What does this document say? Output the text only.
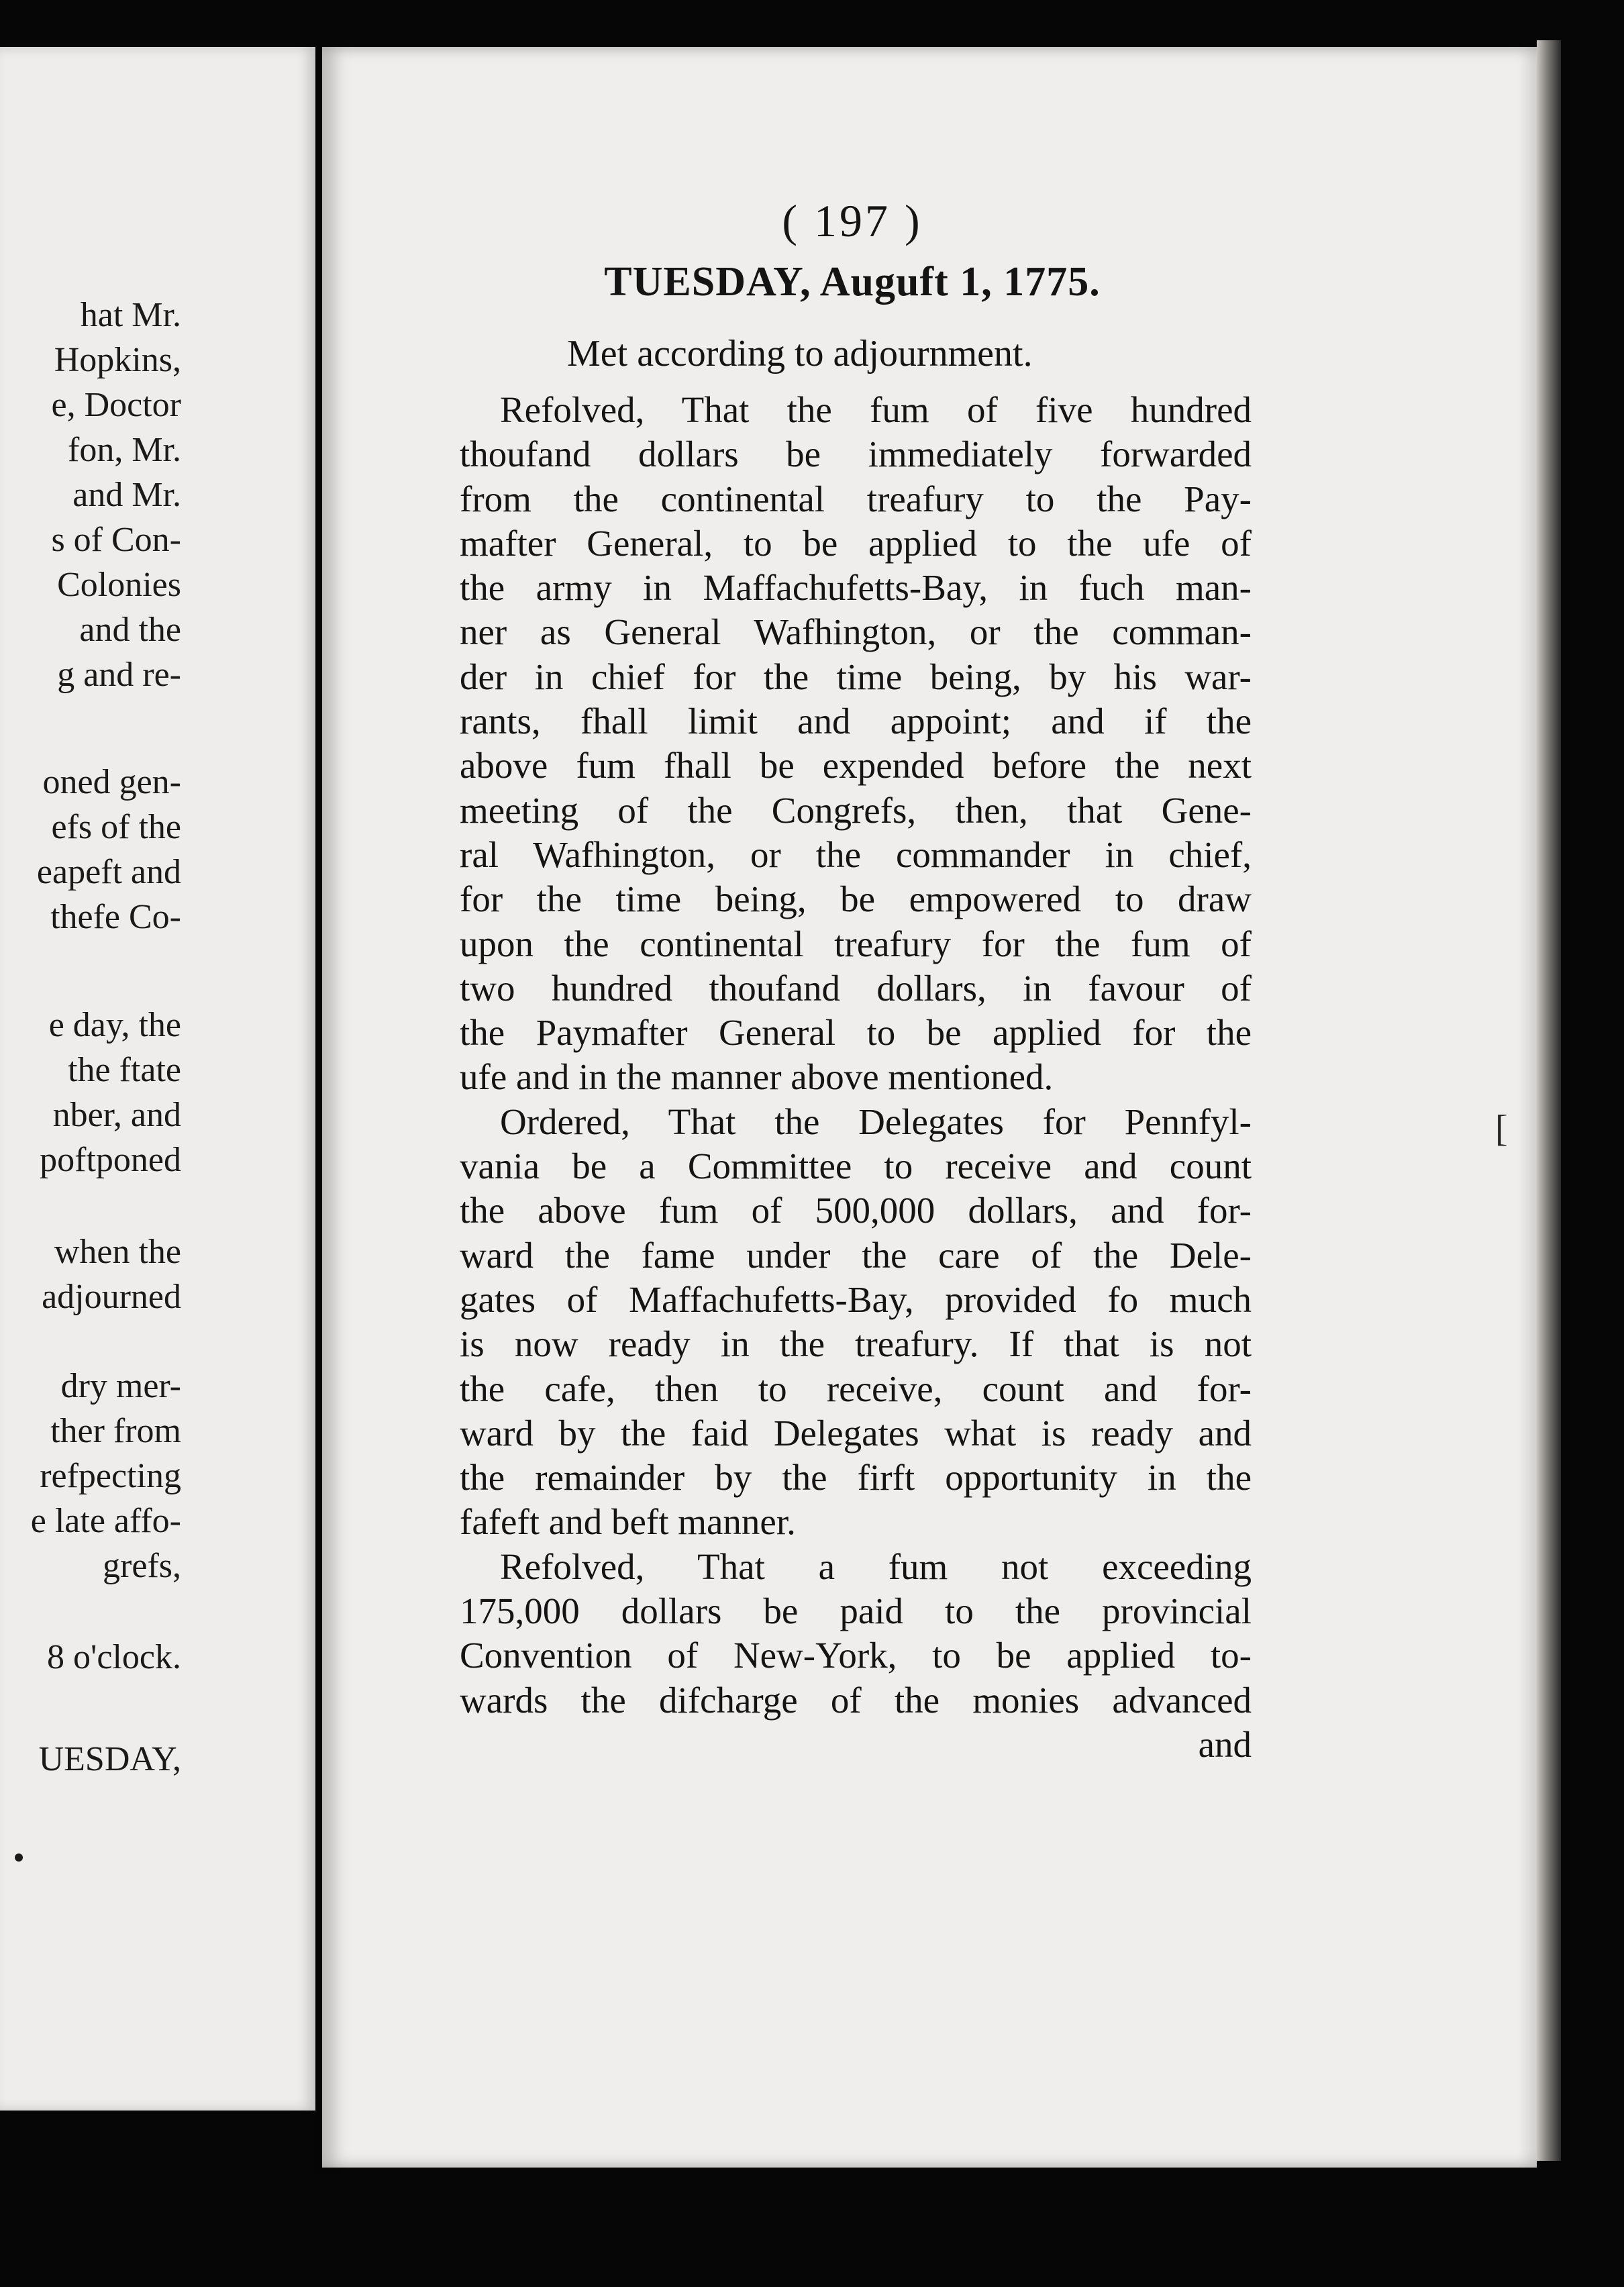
hat Mr.
Hopkins,
e, Doctor
fon, Mr.
and Mr.
s of Con-
Colonies
and the
g and re-
oned gen-
efs of the
eapeft and
thefe Co-
e day, the
the ftate
nber, and
poftponed
when the
adjourned
dry mer-
ther from
refpecting
e late affo-
grefs,
8 o'clock.
UESDAY,
[
( 197 )
TUESDAY, Auguft 1, 1775.
Met according to adjournment.
Refolved, That the fum of five hundred
thoufand dollars be immediately forwarded
from the continental treafury to the Pay-
mafter General, to be applied to the ufe of
the army in Maffachufetts-Bay, in fuch man-
ner as General Wafhington, or the comman-
der in chief for the time being, by his war-
rants, fhall limit and appoint; and if the
above fum fhall be expended before the next
meeting of the Congrefs, then, that Gene-
ral Wafhington, or the commander in chief,
for the time being, be empowered to draw
upon the continental treafury for the fum of
two hundred thoufand dollars, in favour of
the Paymafter General to be applied for the
ufe and in the manner above mentioned.
Ordered, That the Delegates for Pennfyl-
vania be a Committee to receive and count
the above fum of 500,000 dollars, and for-
ward the fame under the care of the Dele-
gates of Maffachufetts-Bay, provided fo much
is now ready in the treafury. If that is not
the cafe, then to receive, count and for-
ward by the faid Delegates what is ready and
the remainder by the firft opportunity in the
fafeft and beft manner.
Refolved, That a fum not exceeding
175,000 dollars be paid to the provincial
Convention of New-York, to be applied to-
wards the difcharge of the monies advanced
and
